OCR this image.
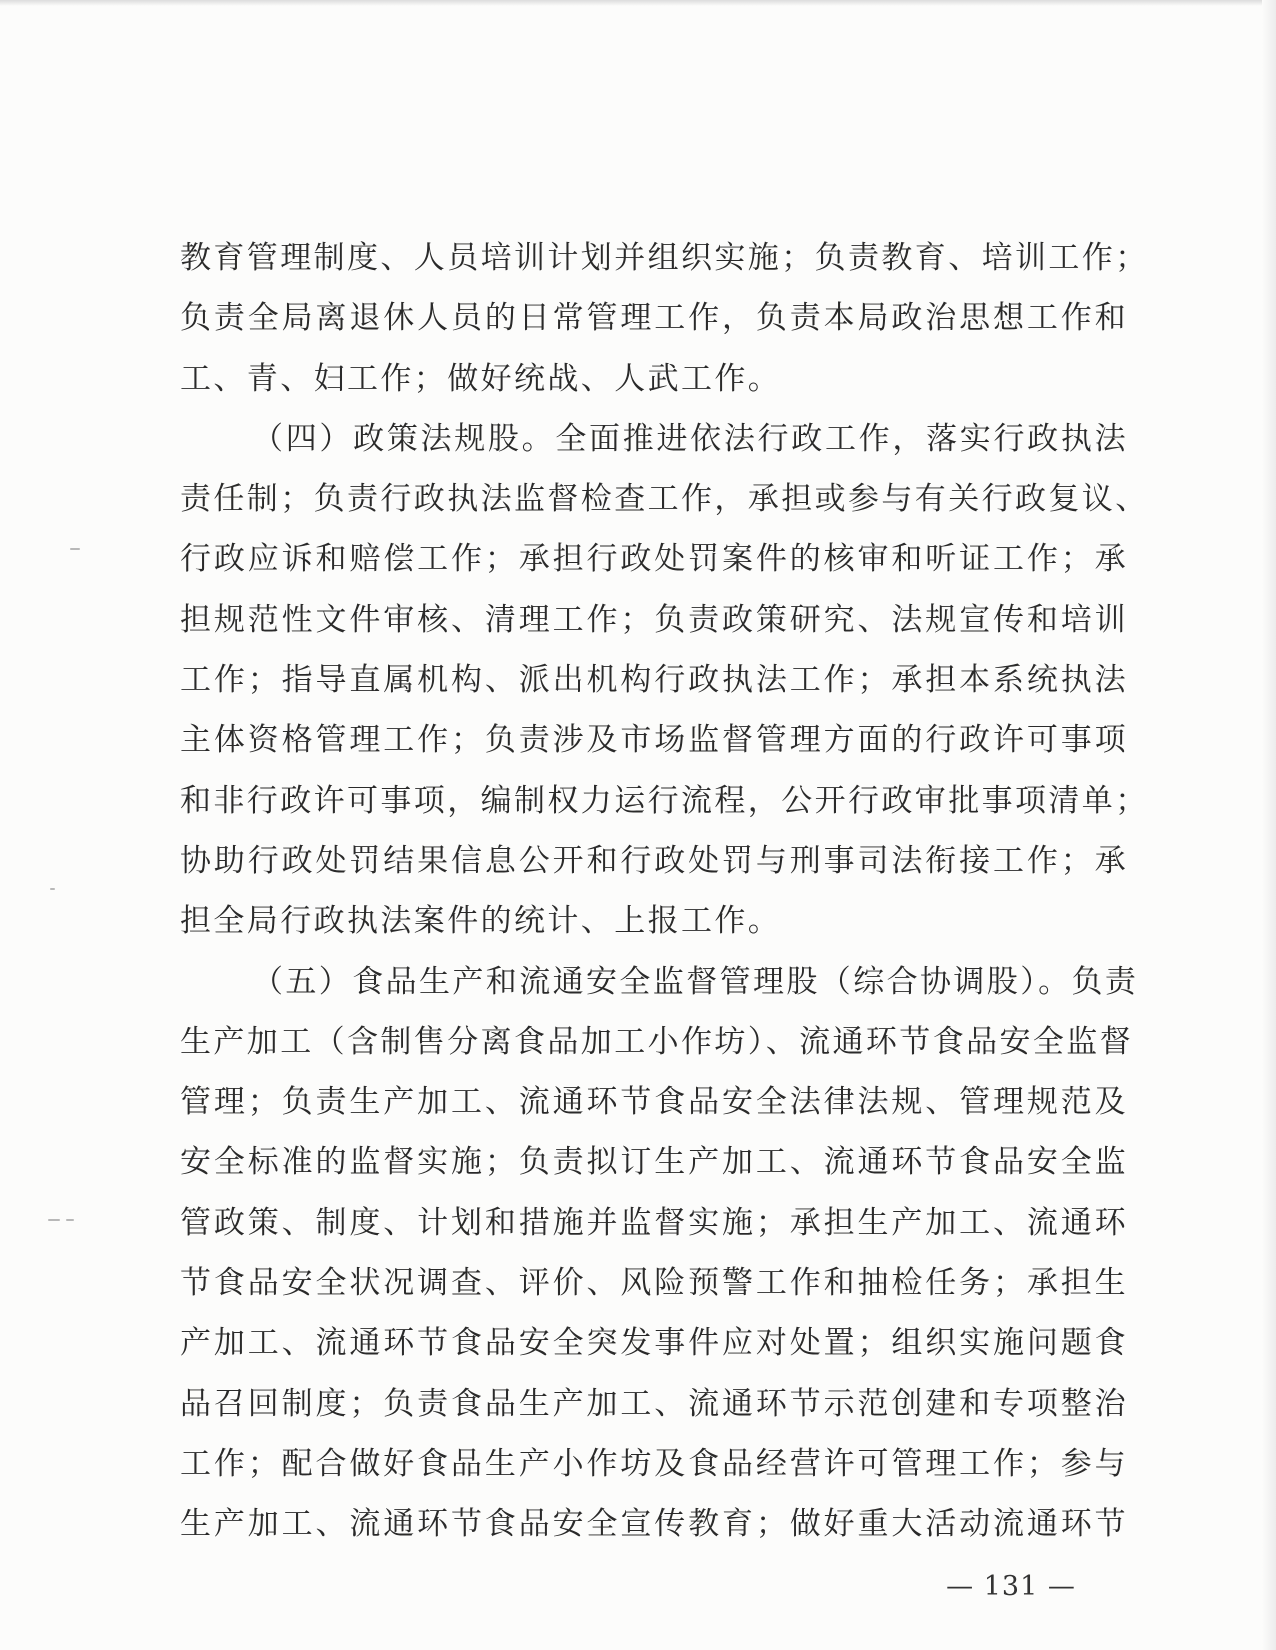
教育管理制度、人员培训计划并组织实施；负责教育、培训工作；
负责全局离退休人员的日常管理工作，负责本局政治思想工作和
工、青、妇工作；做好统战、人武工作。
（四）政策法规股。全面推进依法行政工作，落实行政执法
责任制；负责行政执法监督检查工作，承担或参与有关行政复议、
行政应诉和赔偿工作；承担行政处罚案件的核审和听证工作；承
担规范性文件审核、清理工作；负责政策研究、法规宣传和培训
工作；指导直属机构、派出机构行政执法工作；承担本系统执法
主体资格管理工作；负责涉及市场监督管理方面的行政许可事项
和非行政许可事项，编制权力运行流程，公开行政审批事项清单；
协助行政处罚结果信息公开和行政处罚与刑事司法衔接工作；承
担全局行政执法案件的统计、上报工作。
（五）食品生产和流通安全监督管理股（综合协调股）。负责
生产加工（含制售分离食品加工小作坊）、流通环节食品安全监督
管理；负责生产加工、流通环节食品安全法律法规、管理规范及
安全标准的监督实施；负责拟订生产加工、流通环节食品安全监
管政策、制度、计划和措施并监督实施；承担生产加工、流通环
节食品安全状况调查、评价、风险预警工作和抽检任务；承担生
产加工、流通环节食品安全突发事件应对处置；组织实施问题食
品召回制度；负责食品生产加工、流通环节示范创建和专项整治
工作；配合做好食品生产小作坊及食品经营许可管理工作；参与
生产加工、流通环节食品安全宣传教育；做好重大活动流通环节
— 131 —
